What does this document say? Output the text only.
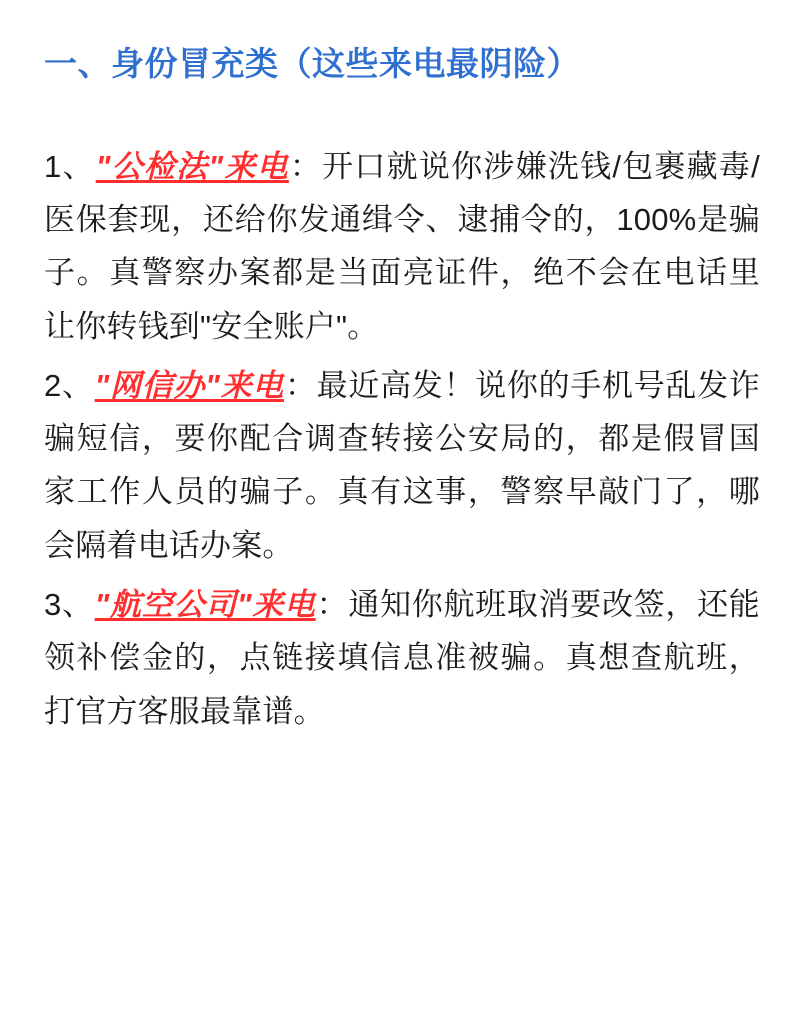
一、身份冒充类（这些来电最阴险）

1、"公检法"来电：开口就说你涉嫌洗钱/包裹藏毒/医保套现，还给你发通缉令、逮捕令的，100%是骗子。真警察办案都是当面亮证件，绝不会在电话里让你转钱到"安全账户"。

2、"网信办"来电：最近高发！说你的手机号乱发诈骗短信，要你配合调查转接公安局的，都是假冒国家工作人员的骗子。真有这事，警察早敲门了，哪会隔着电话办案。

3、"航空公司"来电：通知你航班取消要改签，还能领补偿金的，点链接填信息准被骗。真想查航班，打官方客服最靠谱。
